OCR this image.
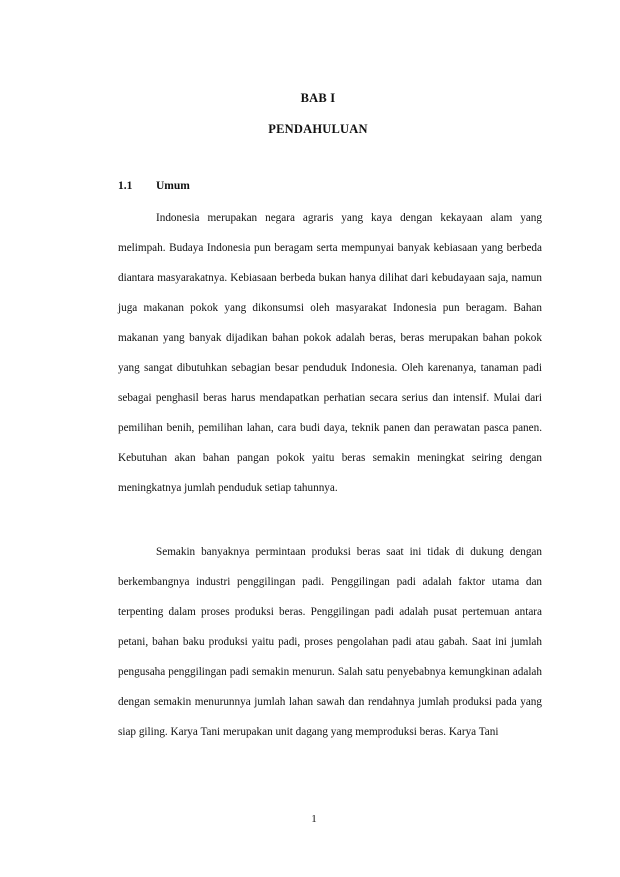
BAB I
PENDAHULUAN
1.1 Umum

Indonesia merupakan negara agraris yang kaya dengan kekayaan alam yang melimpah. Budaya Indonesia pun beragam serta mempunyai banyak kebiasaan yang berbeda diantara masyarakatnya. Kebiasaan berbeda bukan hanya dilihat dari kebudayaan saja, namun juga makanan pokok yang dikonsumsi oleh masyarakat Indonesia pun beragam. Bahan makanan yang banyak dijadikan bahan pokok adalah beras, beras merupakan bahan pokok yang sangat dibutuhkan sebagian besar penduduk Indonesia. Oleh karenanya, tanaman padi sebagai penghasil beras harus mendapatkan perhatian secara serius dan intensif. Mulai dari pemilihan benih, pemilihan lahan, cara budi daya, teknik panen dan perawatan pasca panen. Kebutuhan akan bahan pangan pokok yaitu beras semakin meningkat seiring dengan meningkatnya jumlah penduduk setiap tahunnya.

Semakin banyaknya permintaan produksi beras saat ini tidak di dukung dengan berkembangnya industri penggilingan padi. Penggilingan padi adalah faktor utama dan terpenting dalam proses produksi beras. Penggilingan padi adalah pusat pertemuan antara petani, bahan baku produksi yaitu padi, proses pengolahan padi atau gabah. Saat ini jumlah pengusaha penggilingan padi semakin menurun. Salah satu penyebabnya kemungkinan adalah dengan semakin menurunnya jumlah lahan sawah dan rendahnya jumlah produksi pada yang siap giling. Karya Tani merupakan unit dagang yang memproduksi beras. Karya Tani

1
